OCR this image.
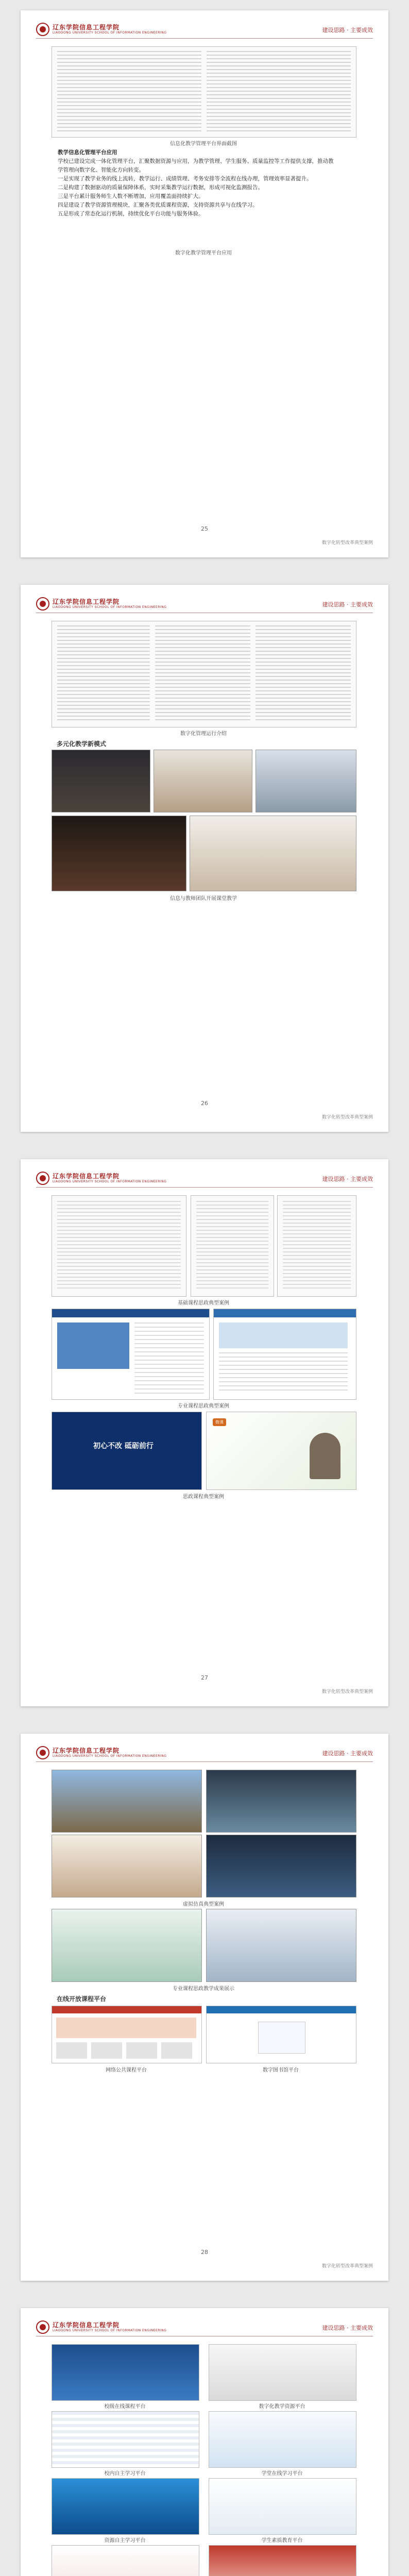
辽东学院信息工程学院
LIAODONG UNIVERSITY SCHOOL OF INFORMATION ENGINEERING	建设思路 · 主要成效
信息化教学管理平台界面截图

教学信息化管理平台应用

学校已建设完成一体化管理平台，汇聚数据资源与应用，为教学管理、学生服务、质量监控等工作提供支撑，推动教学管理向数字化、智能化方向转变。

一是实现了教学业务的线上流转，教学运行、成绩管理、考务安排等全流程在线办理，管理效率显著提升。

二是构建了数据驱动的质量保障体系，实时采集教学运行数据，形成可视化监测报告。

三是平台累计服务师生人数不断增加，应用覆盖面持续扩大。

四是建设了教学资源管理模块，汇聚各类优质课程资源，支持资源共享与在线学习。

五是形成了常态化运行机制，持续优化平台功能与服务体验。

数字化教学管理平台应用
25
数字化转型改革典型案例
辽东学院信息工程学院
LIAODONG UNIVERSITY SCHOOL OF INFORMATION ENGINEERING	建设思路 · 主要成效
数字化管理运行介绍
多元化教学新模式
信息与教师团队开展课堂教学
26
数字化转型改革典型案例
辽东学院信息工程学院
LIAODONG UNIVERSITY SCHOOL OF INFORMATION ENGINEERING	建设思路 · 主要成效
基础课程思政典型案例
专业课程思政典型案例
初心不改 砥砺前行
微课
思政课程典型案例
27
数字化转型改革典型案例
辽东学院信息工程学院
LIAODONG UNIVERSITY SCHOOL OF INFORMATION ENGINEERING	建设思路 · 主要成效
虚拟仿真典型案例
专业课程思政教学成果展示
在线开放课程平台
网络公共课程平台	数字图书馆平台
28
数字化转型改革典型案例
辽东学院信息工程学院
LIAODONG UNIVERSITY SCHOOL OF INFORMATION ENGINEERING	建设思路 · 主要成效
校级在线课程平台	数字化教学资源平台
校内自主学习平台	学堂在线学习平台
资源自主学习平台	学生素质教育平台
